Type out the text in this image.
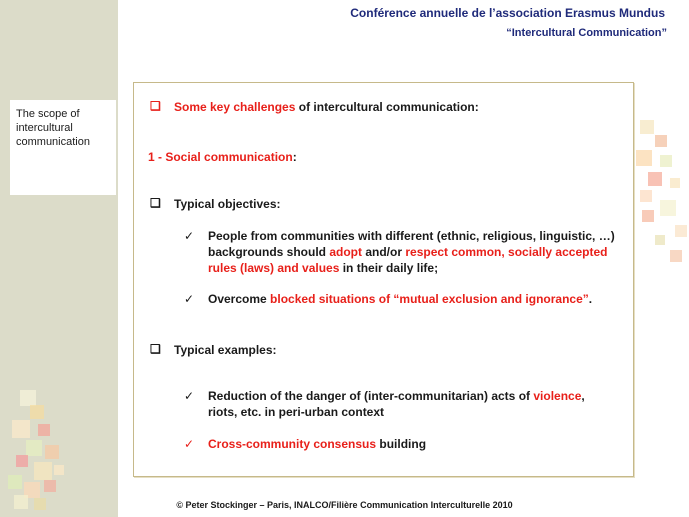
The scope of intercultural communication
Conférence annuelle de l’association Erasmus Mundus
“Intercultural Communication”
❑ Some key challenges of intercultural communication:
1 - Social communication:
❑ Typical objectives:
✓ People from communities with different (ethnic, religious, linguistic, …)
backgrounds should adopt and/or respect common, socially accepted
rules (laws) and values in their daily life;
✓ Overcome blocked situations of “mutual exclusion and ignorance”.
❑ Typical examples:
✓ Reduction of the danger of (inter-communitarian) acts of violence,
riots, etc. in peri-urban context
✓ Cross-community consensus building
© Peter Stockinger – Paris, INALCO/Filière Communication Interculturelle 2010
